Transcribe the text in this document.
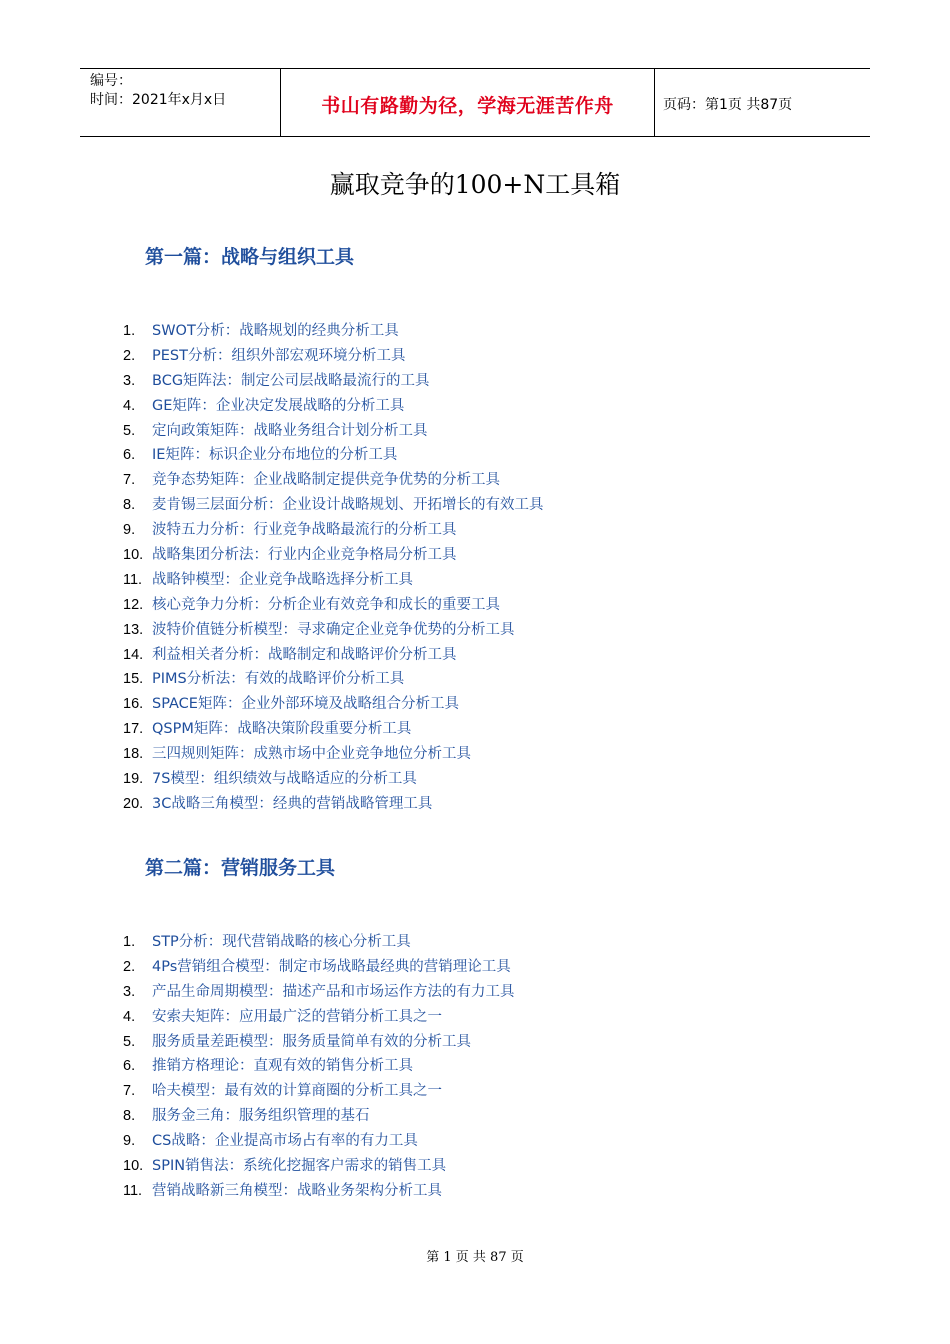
编号：
时间：2021年x月x日	书山有路勤为径，学海无涯苦作舟	页码：第1页 共87页
赢取竞争的100+N工具箱
第一篇：战略与组织工具
1. SWOT分析：战略规划的经典分析工具
2. PEST分析：组织外部宏观环境分析工具
3. BCG矩阵法：制定公司层战略最流行的工具
4. GE矩阵：企业决定发展战略的分析工具
5. 定向政策矩阵：战略业务组合计划分析工具
6. IE矩阵：标识企业分布地位的分析工具
7. 竞争态势矩阵：企业战略制定提供竞争优势的分析工具
8. 麦肯锡三层面分析：企业设计战略规划、开拓增长的有效工具
9. 波特五力分析：行业竞争战略最流行的分析工具
10. 战略集团分析法：行业内企业竞争格局分析工具
11. 战略钟模型：企业竞争战略选择分析工具
12. 核心竞争力分析：分析企业有效竞争和成长的重要工具
13. 波特价值链分析模型：寻求确定企业竞争优势的分析工具
14. 利益相关者分析：战略制定和战略评价分析工具
15. PIMS分析法：有效的战略评价分析工具
16. SPACE矩阵：企业外部环境及战略组合分析工具
17. QSPM矩阵：战略决策阶段重要分析工具
18. 三四规则矩阵：成熟市场中企业竞争地位分析工具
19. 7S模型：组织绩效与战略适应的分析工具
20. 3C战略三角模型：经典的营销战略管理工具
第二篇：营销服务工具
1. STP分析：现代营销战略的核心分析工具
2. 4Ps营销组合模型：制定市场战略最经典的营销理论工具
3. 产品生命周期模型：描述产品和市场运作方法的有力工具
4. 安索夫矩阵：应用最广泛的营销分析工具之一
5. 服务质量差距模型：服务质量简单有效的分析工具
6. 推销方格理论：直观有效的销售分析工具
7. 哈夫模型：最有效的计算商圈的分析工具之一
8. 服务金三角：服务组织管理的基石
9. CS战略：企业提高市场占有率的有力工具
10. SPIN销售法：系统化挖掘客户需求的销售工具
11. 营销战略新三角模型：战略业务架构分析工具
第 1 页 共 87 页
